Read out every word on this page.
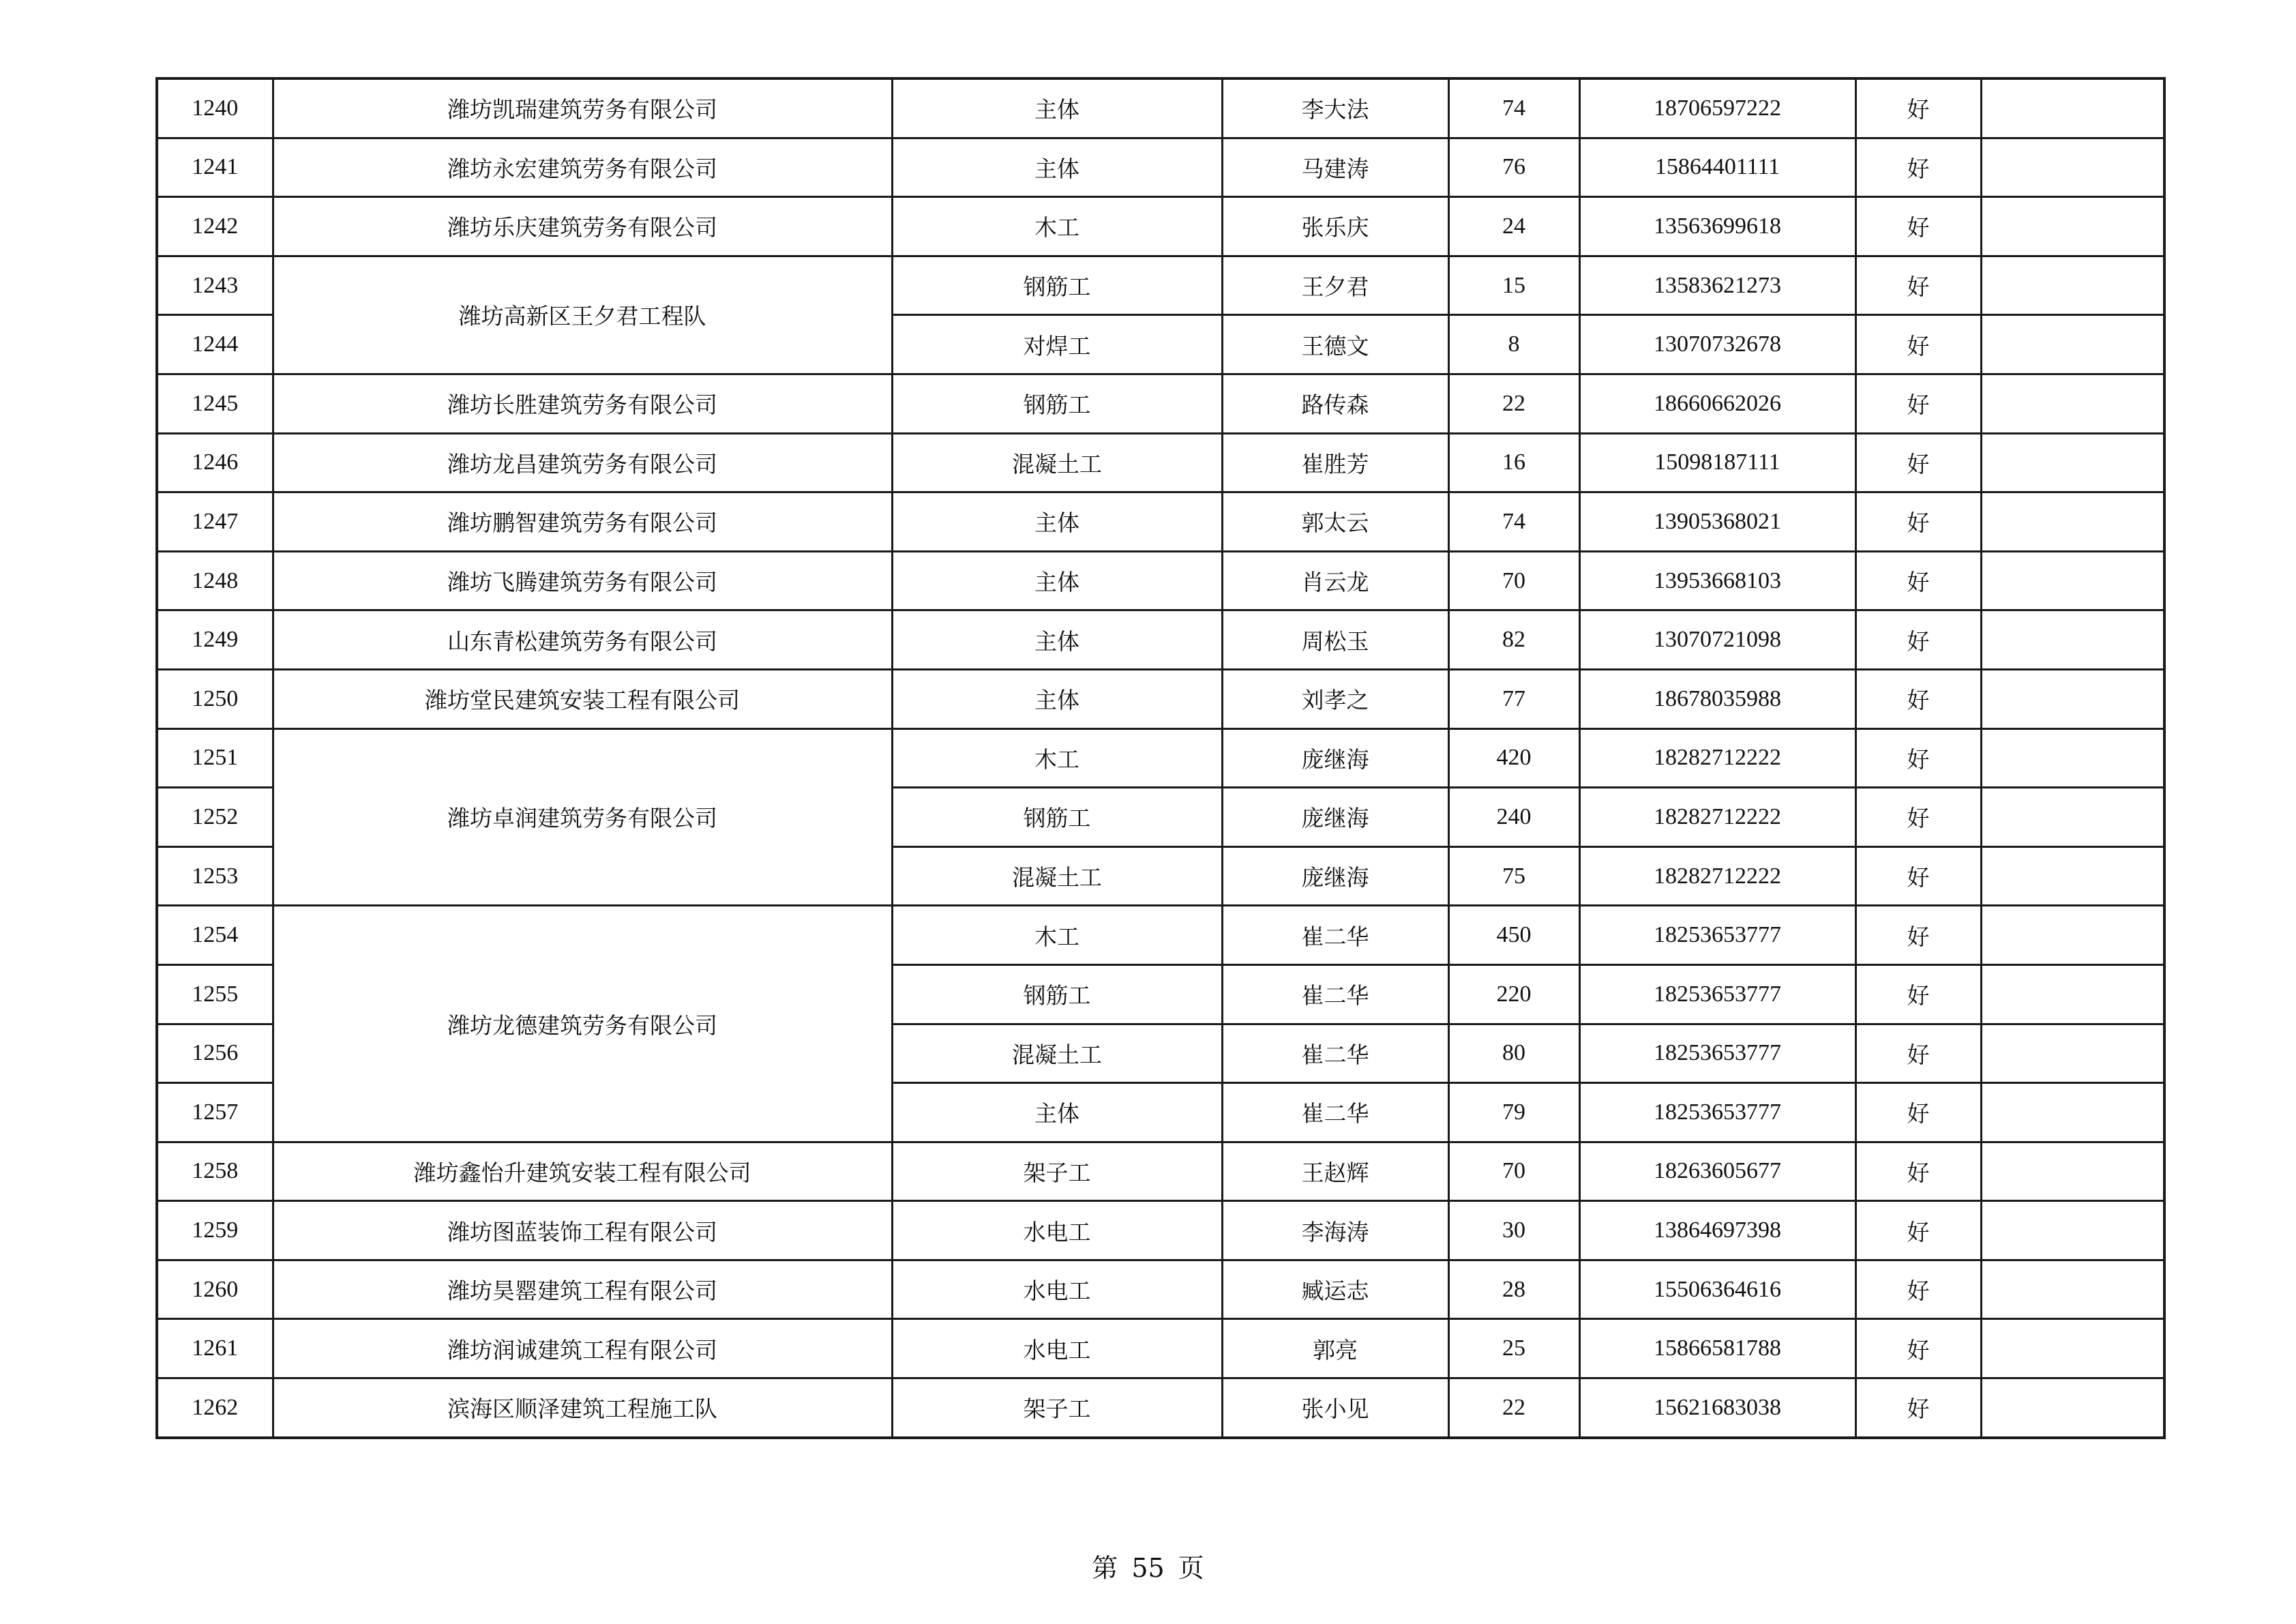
1240	潍坊凯瑞建筑劳务有限公司	主体	李大法	74	18706597222	好	
1241	潍坊永宏建筑劳务有限公司	主体	马建涛	76	15864401111	好	
1242	潍坊乐庆建筑劳务有限公司	木工	张乐庆	24	13563699618	好	
1243	潍坊高新区王夕君工程队	钢筋工	王夕君	15	13583621273	好	
1244		对焊工	王德文	8	13070732678	好	
1245	潍坊长胜建筑劳务有限公司	钢筋工	路传森	22	18660662026	好	
1246	潍坊龙昌建筑劳务有限公司	混凝土工	崔胜芳	16	15098187111	好	
1247	潍坊鹏智建筑劳务有限公司	主体	郭太云	74	13905368021	好	
1248	潍坊飞腾建筑劳务有限公司	主体	肖云龙	70	13953668103	好	
1249	山东青松建筑劳务有限公司	主体	周松玉	82	13070721098	好	
1250	潍坊堂民建筑安装工程有限公司	主体	刘孝之	77	18678035988	好	
1251	潍坊卓润建筑劳务有限公司	木工	庞继海	420	18282712222	好	
1252		钢筋工	庞继海	240	18282712222	好	
1253		混凝土工	庞继海	75	18282712222	好	
1254	潍坊龙德建筑劳务有限公司	木工	崔二华	450	18253653777	好	
1255		钢筋工	崔二华	220	18253653777	好	
1256		混凝土工	崔二华	80	18253653777	好	
1257		主体	崔二华	79	18253653777	好	
1258	潍坊鑫怡升建筑安装工程有限公司	架子工	王赵辉	70	18263605677	好	
1259	潍坊图蓝装饰工程有限公司	水电工	李海涛	30	13864697398	好	
1260	潍坊昊罂建筑工程有限公司	水电工	臧运志	28	15506364616	好	
1261	潍坊润诚建筑工程有限公司	水电工	郭亮	25	15866581788	好	
1262	滨海区顺泽建筑工程施工队	架子工	张小见	22	15621683038	好	
第 55 页
